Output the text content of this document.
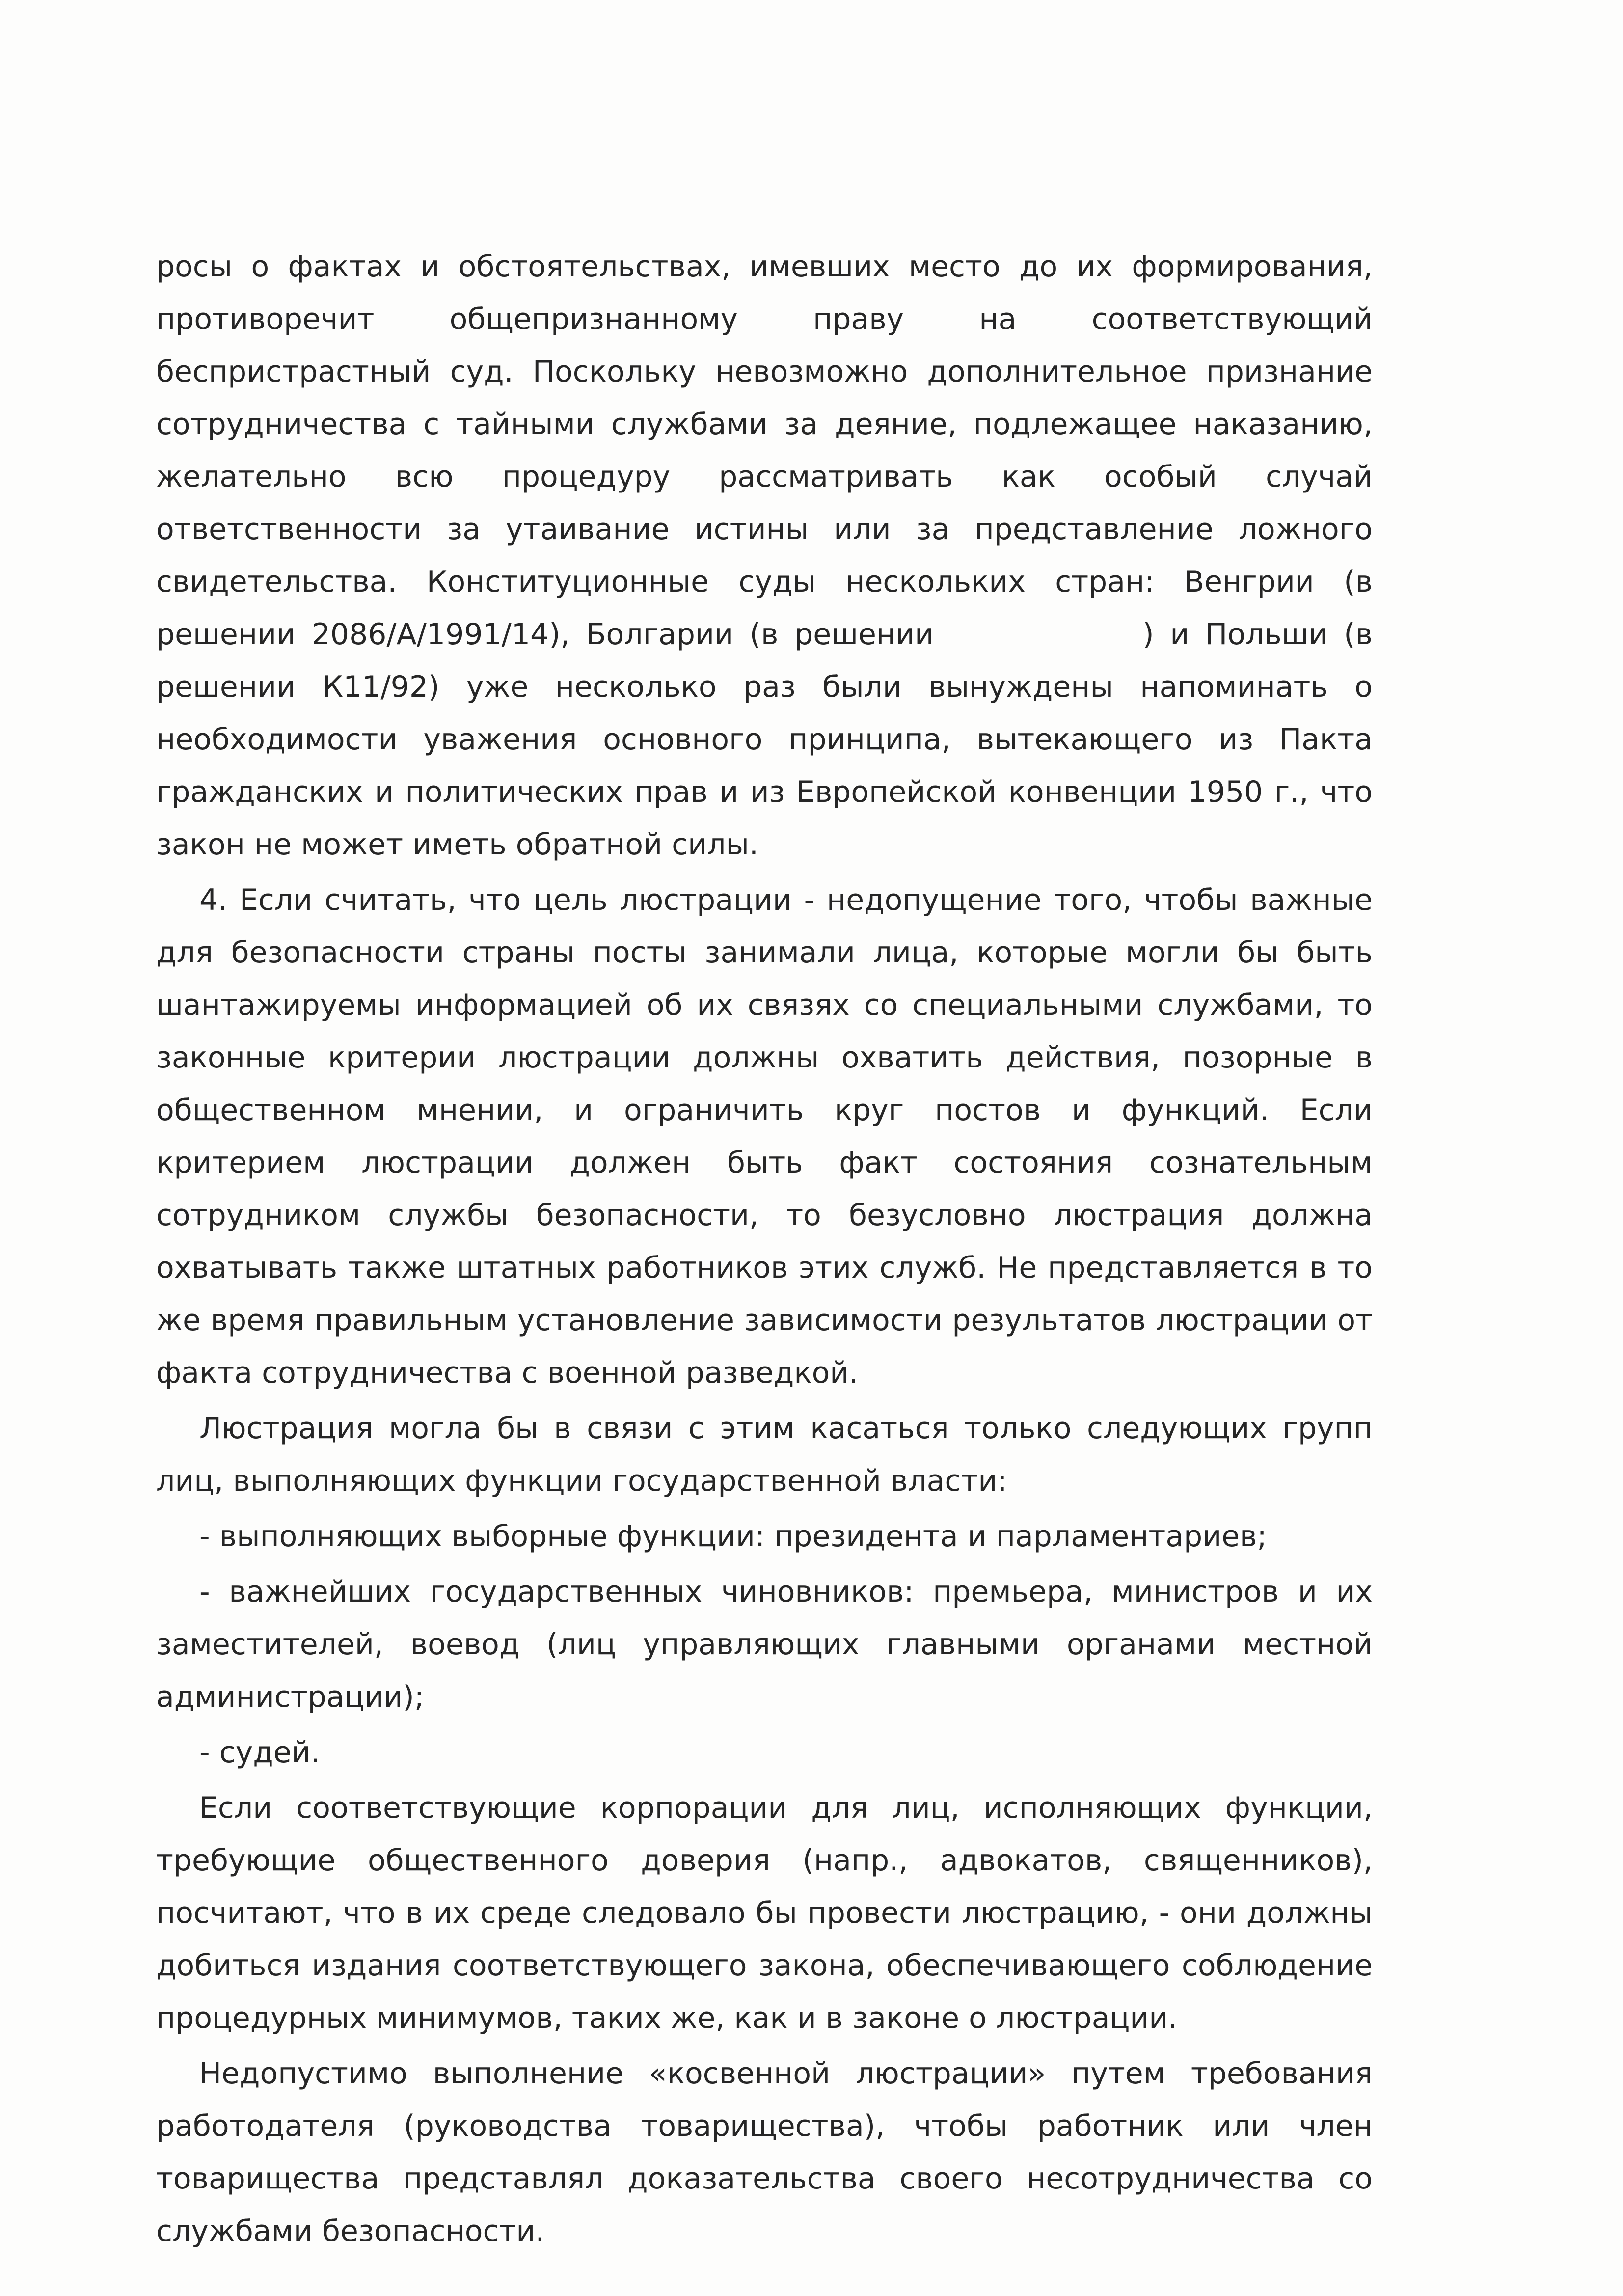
росы о фактах и обстоятельствах, имевших место до их формирования, противоречит общепризнанному праву на соответствующий беспристрастный суд. Поскольку невозможно дополнительное признание сотрудничества с тайными службами за деяние, подлежащее наказанию, желательно всю процедуру рассматривать как особый случай ответственности за утаивание истины или за представление ложного свидетельства. Конституционные суды нескольких стран: Венгрии (в решении 2086/А/1991/14), Болгарии (в решении             ) и Польши (в решении К11/92) уже несколько раз были вынуждены напоминать о необходимости уважения основного принципа, вытекающего из Пакта гражданских и политических прав и из Европейской конвенции 1950 г., что закон не может иметь обратной силы.

4. Если считать, что цель люстрации - недопущение того, чтобы важные для безопасности страны посты занимали лица, которые могли бы быть шантажируемы информацией об их связях со специальными службами, то законные критерии люстрации должны охватить действия, позорные в общественном мнении, и ограничить круг постов и функций. Если критерием люстрации должен быть факт состояния сознательным сотрудником службы безопасности, то безусловно люстрация должна охватывать также штатных работников этих служб. Не представляется в то же время правильным установление зависимости результатов люстрации от факта сотрудничества с военной разведкой.

Люстрация могла бы в связи с этим касаться только следующих групп лиц, выполняющих функции государственной власти:

- выполняющих выборные функции: президента и парламентариев;

- важнейших государственных чиновников: премьера, министров и их заместителей, воевод (лиц управляющих главными органами местной администрации);

- судей.

Если соответствующие корпорации для лиц, исполняющих функции, требующие общественного доверия (напр., адвокатов, священников), посчитают, что в их среде следовало бы провести люстрацию, - они должны добиться издания соответствующего закона, обеспечивающего соблюдение процедурных минимумов, таких же, как и в законе о люстрации.

Недопустимо выполнение «косвенной люстрации» путем требования работодателя (руководства товарищества), чтобы работник или член товарищества представлял доказательства своего несотрудничества со службами безопасности.
